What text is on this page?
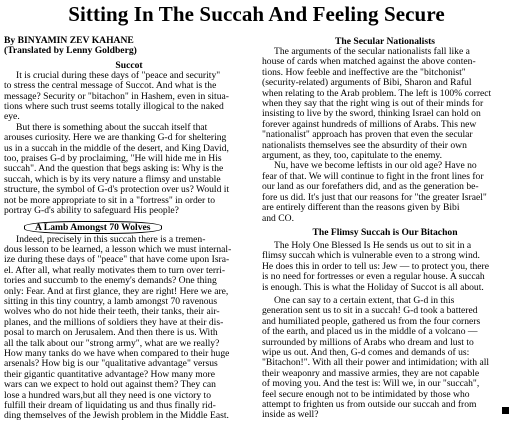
Sitting In The Succah And Feeling Secure
By BINYAMIN ZEV KAHANE
(Translated by Lenny Goldberg)
Succot

It is crucial during these days of "peace and security"

to stress the central message of Succot. And what is the

message? Security or "bitachon" in Hashem, even in situa-

tions where such trust seems totally illogical to the naked

eye.

But there is something about the succah itself that

arouses curiosity. Here we are thanking G-d for sheltering

us in a succah in the middle of the desert, and King David,

too, praises G-d by proclaiming, "He will hide me in His

succah". And the question that begs asking is: Why is the

succah, which is by its very nature a flimsy and unstable

structure, the symbol of G-d's protection over us? Would it

not be more appropriate to sit in a "fortress" in order to

portray G-d's ability to safeguard His people?

A Lamb Amongst 70 Wolves

Indeed, precisely in this succah there is a tremen-

dous lesson to be learned, a lesson which we must internal-

ize during these days of "peace" that have come upon Isra-

el. After all, what really motivates them to turn over terri-

tories and succumb to the enemy's demands? One thing

only: Fear. And at first glance, they are right! Here we are,

sitting in this tiny country, a lamb amongst 70 ravenous

wolves who do not hide their teeth, their tanks, their air-

planes, and the millions of soldiers they have at their dis-

posal to march on Jerusalem. And then there is us. With

all the talk about our "strong army", what are we really?

How many tanks do we have when compared to their huge

arsenals? How big is our "qualitative advantage" versus

their gigantic quantitative advantage? How many more

wars can we expect to hold out against them? They can

lose a hundred wars,but all they need is one victory to

fulfill their dream of liquidating us and thus finally rid-

ding themselves of the Jewish problem in the Middle East.

The Secular Nationalists

The arguments of the secular nationalists fall like a

house of cards when matched against the above conten-

tions. How feeble and ineffective are the "bitchonist"

(security-related) arguments of Bibi, Sharon and Raful

when relating to the Arab problem. The left is 100% correct

when they say that the right wing is out of their minds for

insisting to live by the sword, thinking Israel can hold on

forever against hundreds of millions of Arabs. This new

"nationalist" approach has proven that even the secular

nationalists themselves see the absurdity of their own

argument, as they, too, capitulate to the enemy.

Nu, have we become leftists in our old age? Have no

fear of that. We will continue to fight in the front lines for

our land as our forefathers did, and as the generation be-

fore us did. It's just that our reasons for "the greater Israel"

are entirely different than the reasons given by Bibi

and CO.

The Flimsy Succah is Our Bitachon

The Holy One Blessed Is He sends us out to sit in a

flimsy succah which is vulnerable even to a strong wind.

He does this in order to tell us: Jew — to protect you, there

is no need for fortresses or even a regular house. A succah

is enough. This is what the Holiday of Succot is all about.

One can say to a certain extent, that G-d in this

generation sent us to sit in a succah! G-d took a battered

and humiliated people, gathered us from the four corners

of the earth, and placed us in the middle of a volcano —

surrounded by millions of Arabs who dream and lust to

wipe us out. And then, G-d comes and demands of us:

"Bitachon!". With all their power and intimidation; with all

their weaponry and massive armies, they are not capable

of moving you. And the test is: Will we, in our "succah",

feel secure enough not to be intimidated by those who

attempt to frighten us from outside our succah and from

inside as well?
